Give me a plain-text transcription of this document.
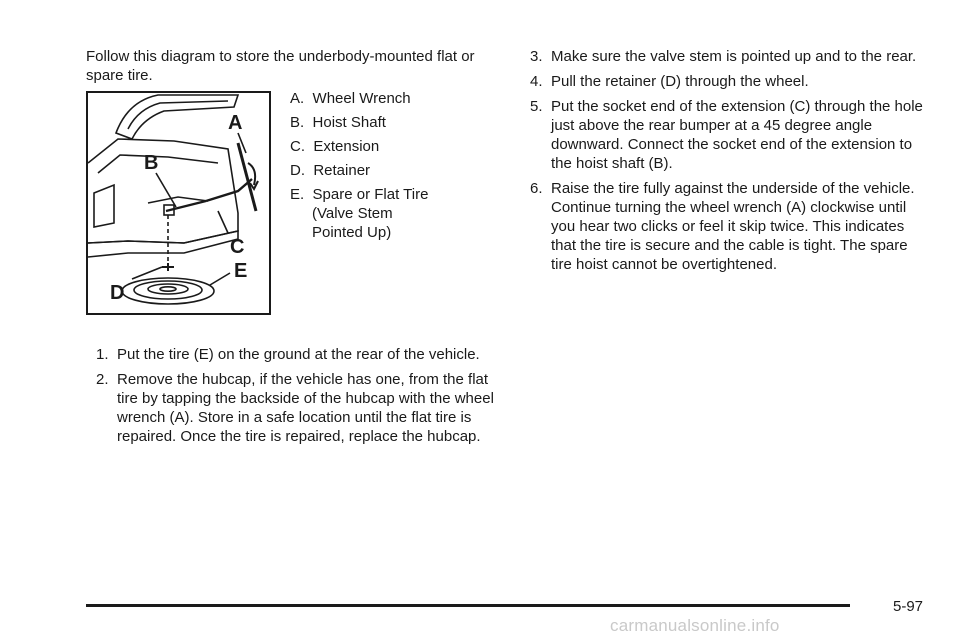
Follow this diagram to store the underbody-mounted flat or spare tire.

A
B
C
D
E
A. Wheel Wrench
B. Hoist Shaft
C. Extension
D. Retainer
E. Spare or Flat Tire
(Valve Stem
Pointed Up)
1. Put the tire (E) on the ground at the rear of the vehicle.
2. Remove the hubcap, if the vehicle has one, from the flat tire by tapping the backside of the hubcap with the wheel wrench (A). Store in a safe location until the flat tire is repaired. Once the tire is repaired, replace the hubcap.
3. Make sure the valve stem is pointed up and to the rear.
4. Pull the retainer (D) through the wheel.
5. Put the socket end of the extension (C) through the hole just above the rear bumper at a 45 degree angle downward. Connect the socket end of the extension to the hoist shaft (B).
6. Raise the tire fully against the underside of the vehicle. Continue turning the wheel wrench (A) clockwise until you hear two clicks or feel it skip twice. This indicates that the tire is secure and the cable is tight. The spare tire hoist cannot be overtightened.
5-97
carmanualsonline.info
